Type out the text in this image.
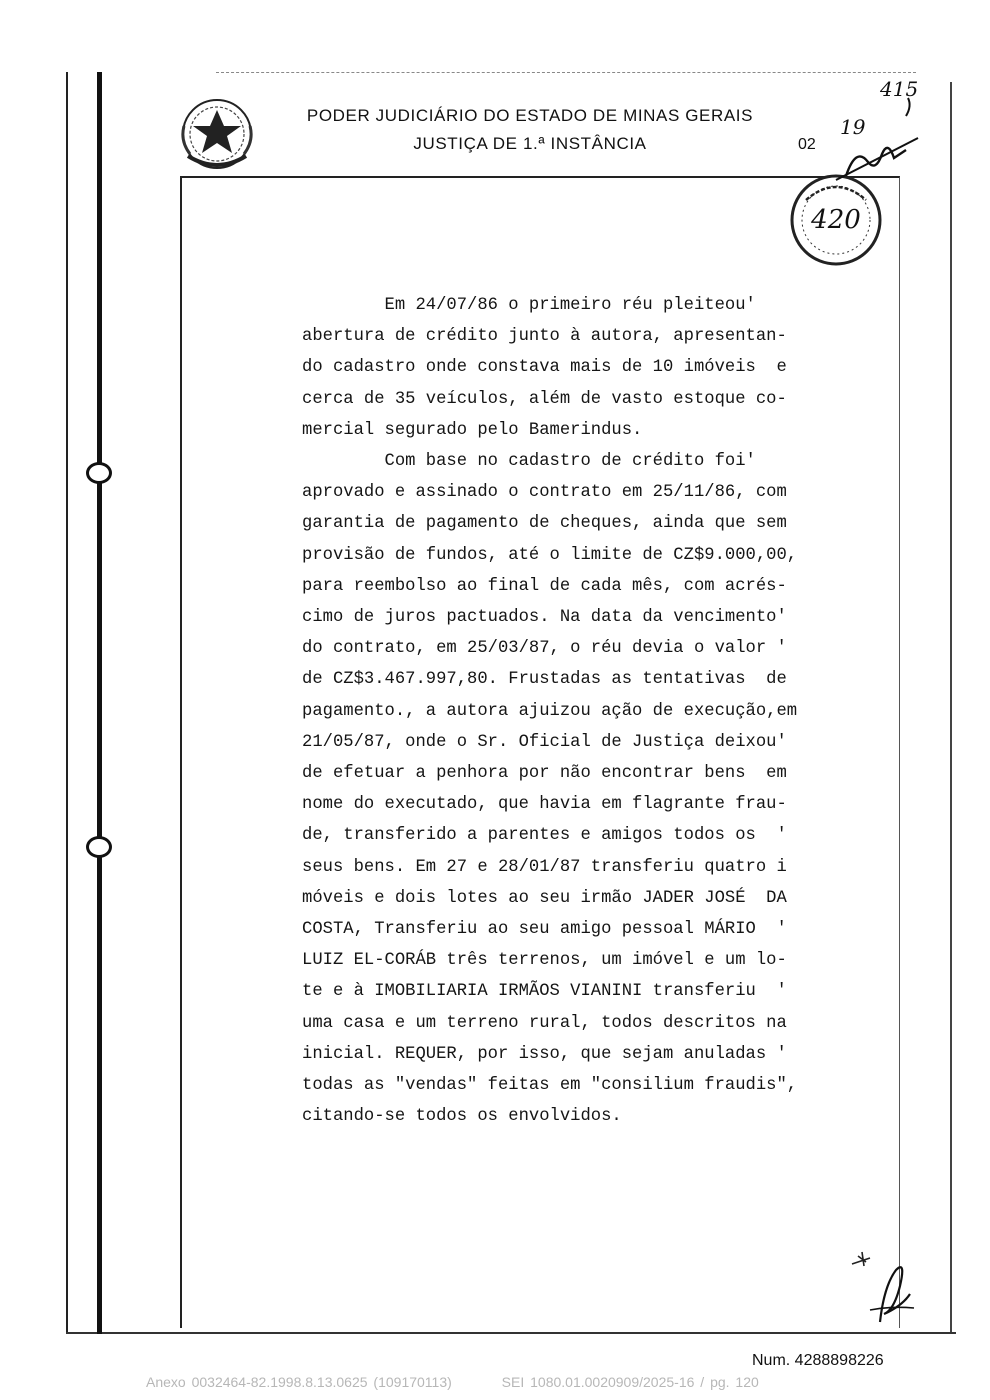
PODER JUDICIÁRIO DO ESTADO DE MINAS GERAIS
JUSTIÇA DE 1.ª INSTÂNCIA	02
420
415
19

Em 24/07/86 o primeiro réu pleiteou'

abertura de crédito junto à autora, apresentan-

do cadastro onde constava mais de 10 imóveis  e

cerca de 35 veículos, além de vasto estoque co-

mercial segurado pelo Bamerindus.

Com base no cadastro de crédito foi'

aprovado e assinado o contrato em 25/11/86, com

garantia de pagamento de cheques, ainda que sem

provisão de fundos, até o limite de CZ$9.000,00,

para reembolso ao final de cada mês, com acrés-

cimo de juros pactuados. Na data da vencimento'

do contrato, em 25/03/87, o réu devia o valor '

de CZ$3.467.997,80. Frustadas as tentativas  de

pagamento., a autora ajuizou ação de execução,em

21/05/87, onde o Sr. Oficial de Justiça deixou'

de efetuar a penhora por não encontrar bens  em

nome do executado, que havia em flagrante frau-

de, transferido a parentes e amigos todos os  '

seus bens. Em 27 e 28/01/87 transferiu quatro i

móveis e dois lotes ao seu irmão JADER JOSÉ  DA

COSTA, Transferiu ao seu amigo pessoal MÁRIO  '

LUIZ EL-CORÁB três terrenos, um imóvel e um lo-

te e à IMOBILIARIA IRMÃOS VIANINI transferiu  '

uma casa e um terreno rural, todos descritos na

inicial. REQUER, por isso, que sejam anuladas '

todas as "vendas" feitas em "consilium fraudis",

citando-se todos os envolvidos.

Num. 4288898226
Anexo 0032464-82.1998.8.13.0625 (109170113)	SEI 1080.01.0020909/2025-16 / pg. 120
